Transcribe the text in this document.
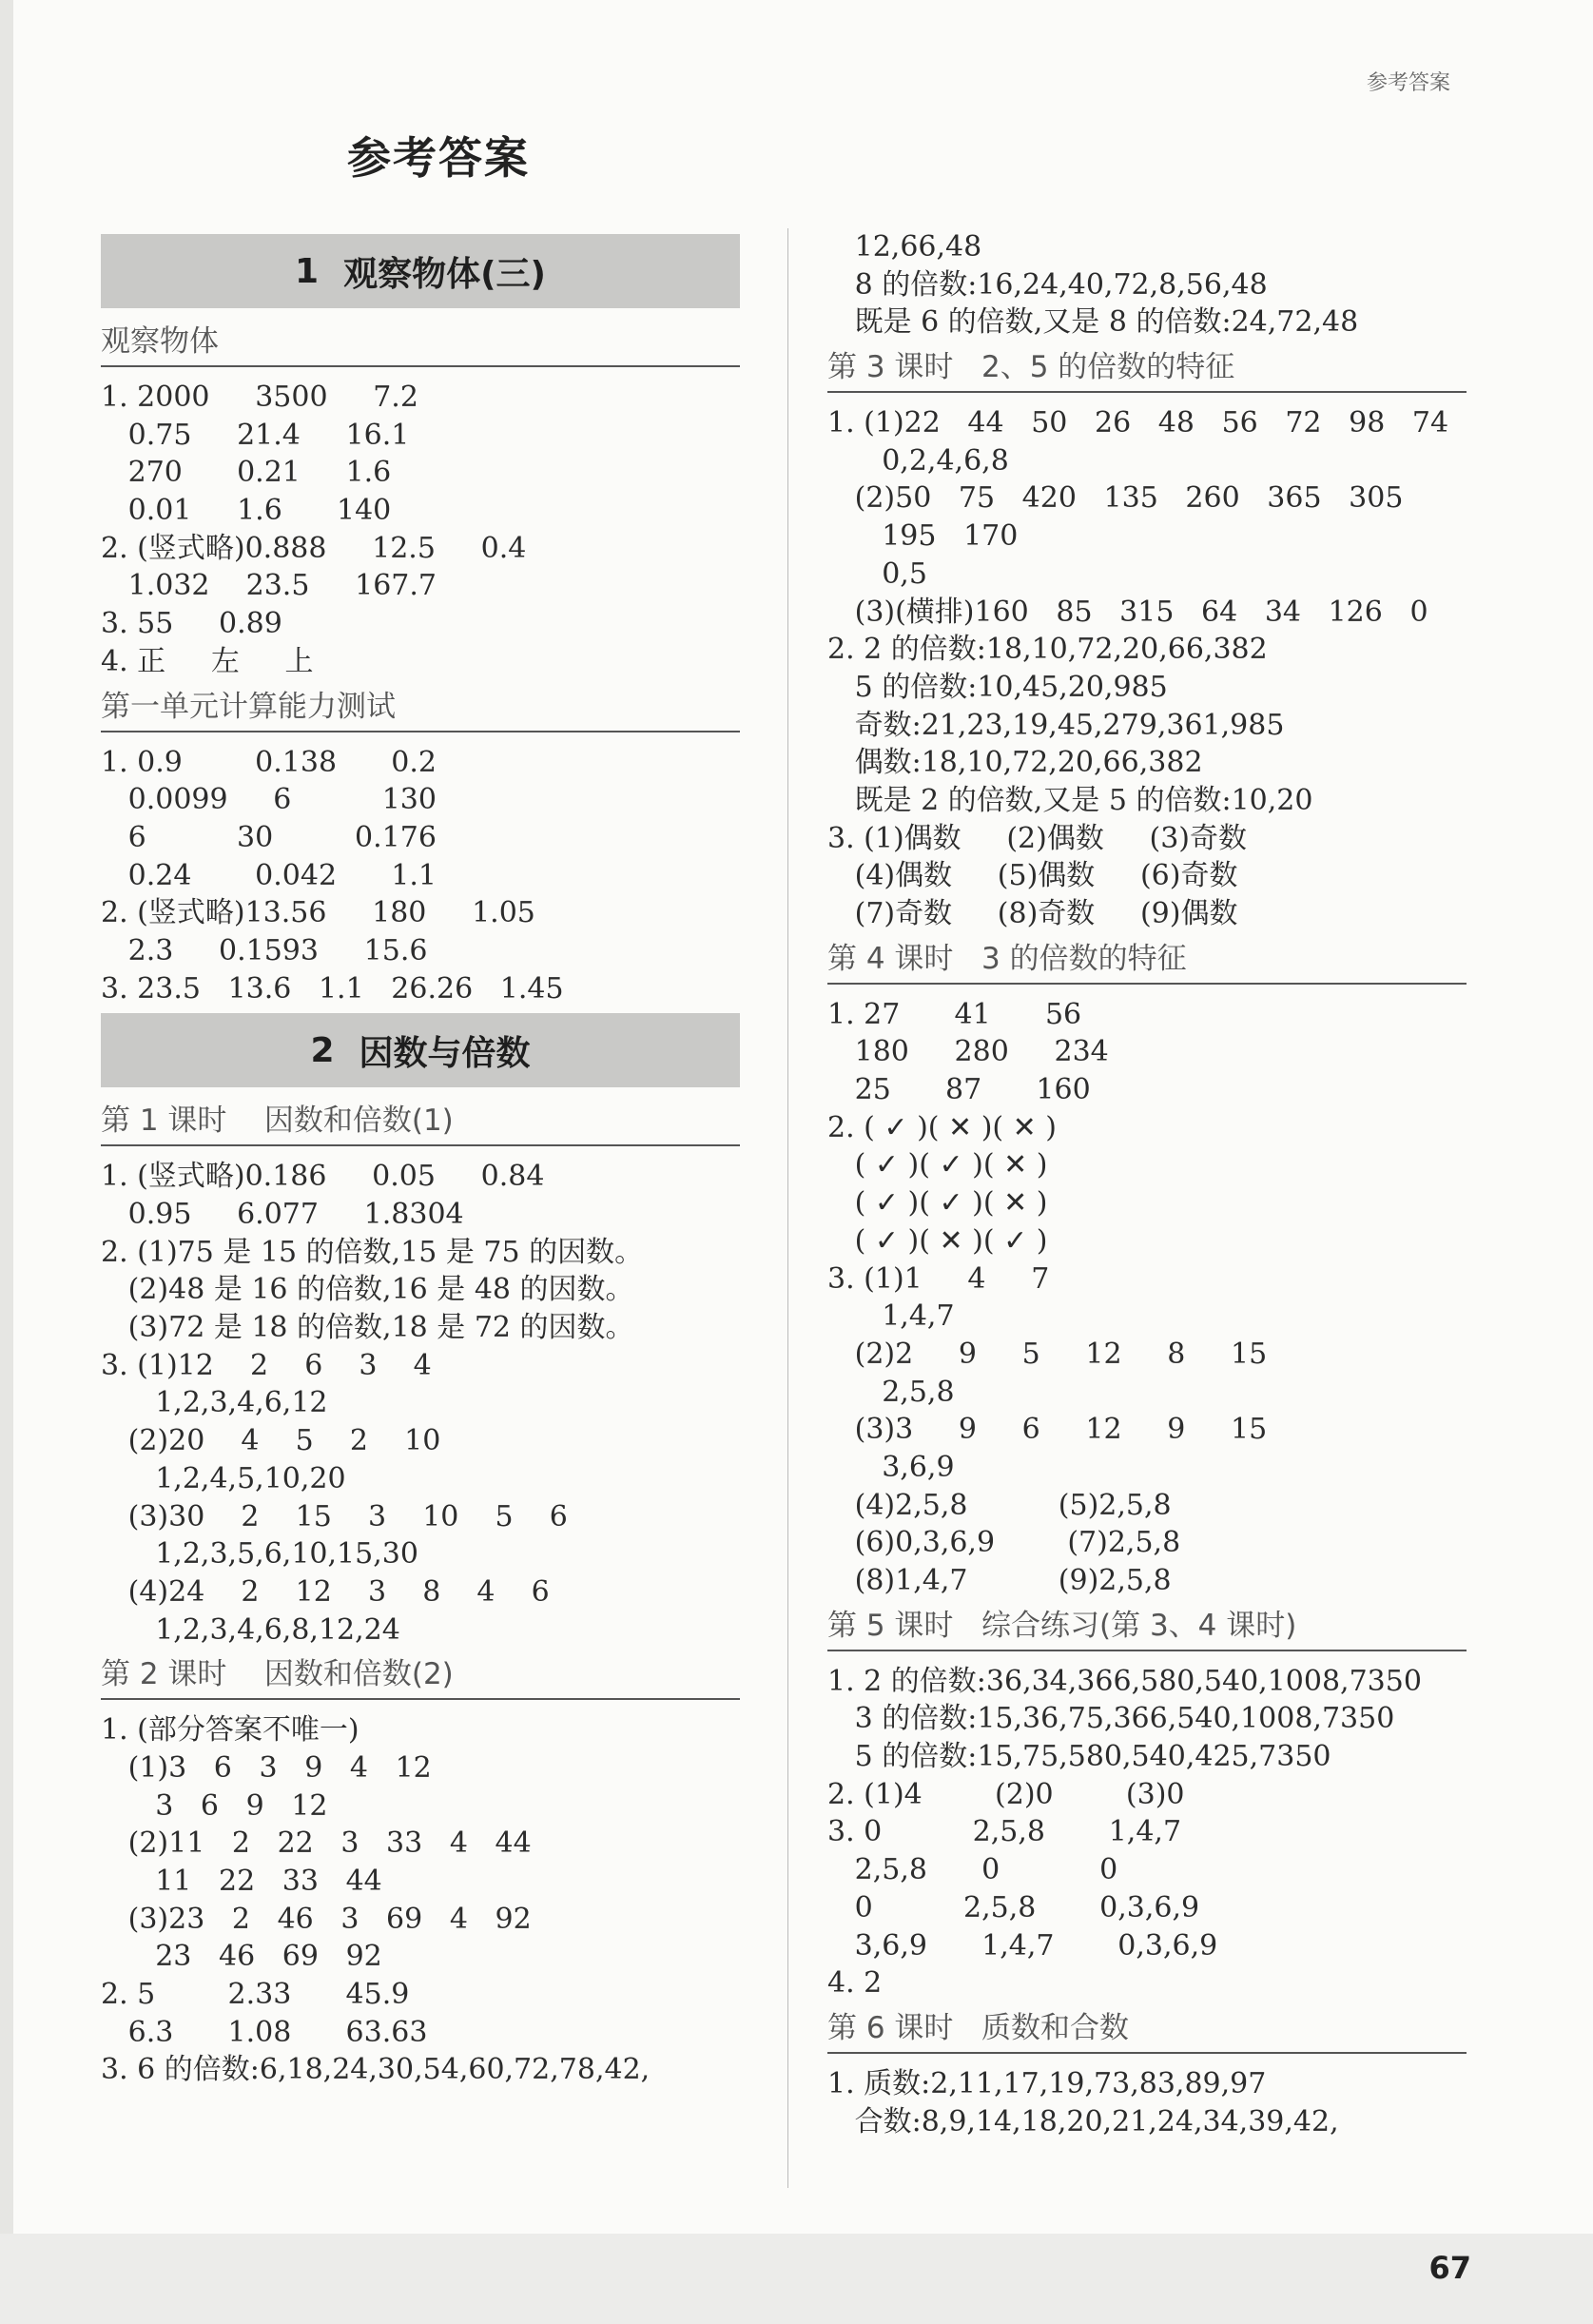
参考答案
参考答案
1 观察物体(三)
观察物体
1. 2000     3500     7.2
0.75     21.4     16.1
270      0.21     1.6
0.01     1.6      140
2. (竖式略)0.888     12.5     0.4
1.032    23.5     167.7
3. 55     0.89
4. 正     左     上
第一单元计算能力测试
1. 0.9        0.138      0.2
0.0099     6          130
6          30         0.176
0.24       0.042      1.1
2. (竖式略)13.56     180     1.05
2.3     0.1593     15.6
3. 23.5   13.6   1.1   26.26   1.45
2 因数与倍数
第 1 课时    因数和倍数(1)
1. (竖式略)0.186     0.05     0.84
0.95     6.077     1.8304
2. (1)75 是 15 的倍数,15 是 75 的因数。
(2)48 是 16 的倍数,16 是 48 的因数。
(3)72 是 18 的倍数,18 是 72 的因数。
3. (1)12    2    6    3    4
1,2,3,4,6,12
(2)20    4    5    2    10
1,2,4,5,10,20
(3)30    2    15    3    10    5    6
1,2,3,5,6,10,15,30
(4)24    2    12    3    8    4    6
1,2,3,4,6,8,12,24
第 2 课时    因数和倍数(2)
1. (部分答案不唯一)
(1)3   6   3   9   4   12
3   6   9   12
(2)11   2   22   3   33   4   44
11   22   33   44
(3)23   2   46   3   69   4   92
23   46   69   92
2. 5        2.33      45.9
6.3      1.08      63.63
3. 6 的倍数:6,18,24,30,54,60,72,78,42,
12,66,48
8 的倍数:16,24,40,72,8,56,48
既是 6 的倍数,又是 8 的倍数:24,72,48
第 3 课时   2、5 的倍数的特征
1. (1)22   44   50   26   48   56   72   98   74
0,2,4,6,8
(2)50   75   420   135   260   365   305
195   170
0,5
(3)(横排)160   85   315   64   34   126   0
2. 2 的倍数:18,10,72,20,66,382
5 的倍数:10,45,20,985
奇数:21,23,19,45,279,361,985
偶数:18,10,72,20,66,382
既是 2 的倍数,又是 5 的倍数:10,20
3. (1)偶数     (2)偶数     (3)奇数
(4)偶数     (5)偶数     (6)奇数
(7)奇数     (8)奇数     (9)偶数
第 4 课时   3 的倍数的特征
1. 27      41      56
180     280     234
25      87      160
2. ( ✓ )( ✕ )( ✕ )
( ✓ )( ✓ )( ✕ )
( ✓ )( ✓ )( ✕ )
( ✓ )( ✕ )( ✓ )
3. (1)1     4     7
1,4,7
(2)2     9     5     12     8     15
2,5,8
(3)3     9     6     12     9     15
3,6,9
(4)2,5,8          (5)2,5,8
(6)0,3,6,9        (7)2,5,8
(8)1,4,7          (9)2,5,8
第 5 课时   综合练习(第 3、4 课时)
1. 2 的倍数:36,34,366,580,540,1008,7350
3 的倍数:15,36,75,366,540,1008,7350
5 的倍数:15,75,580,540,425,7350
2. (1)4        (2)0        (3)0
3. 0          2,5,8       1,4,7
2,5,8      0           0
0          2,5,8       0,3,6,9
3,6,9      1,4,7       0,3,6,9
4. 2
第 6 课时   质数和合数
1. 质数:2,11,17,19,73,83,89,97
合数:8,9,14,18,20,21,24,34,39,42,
67
